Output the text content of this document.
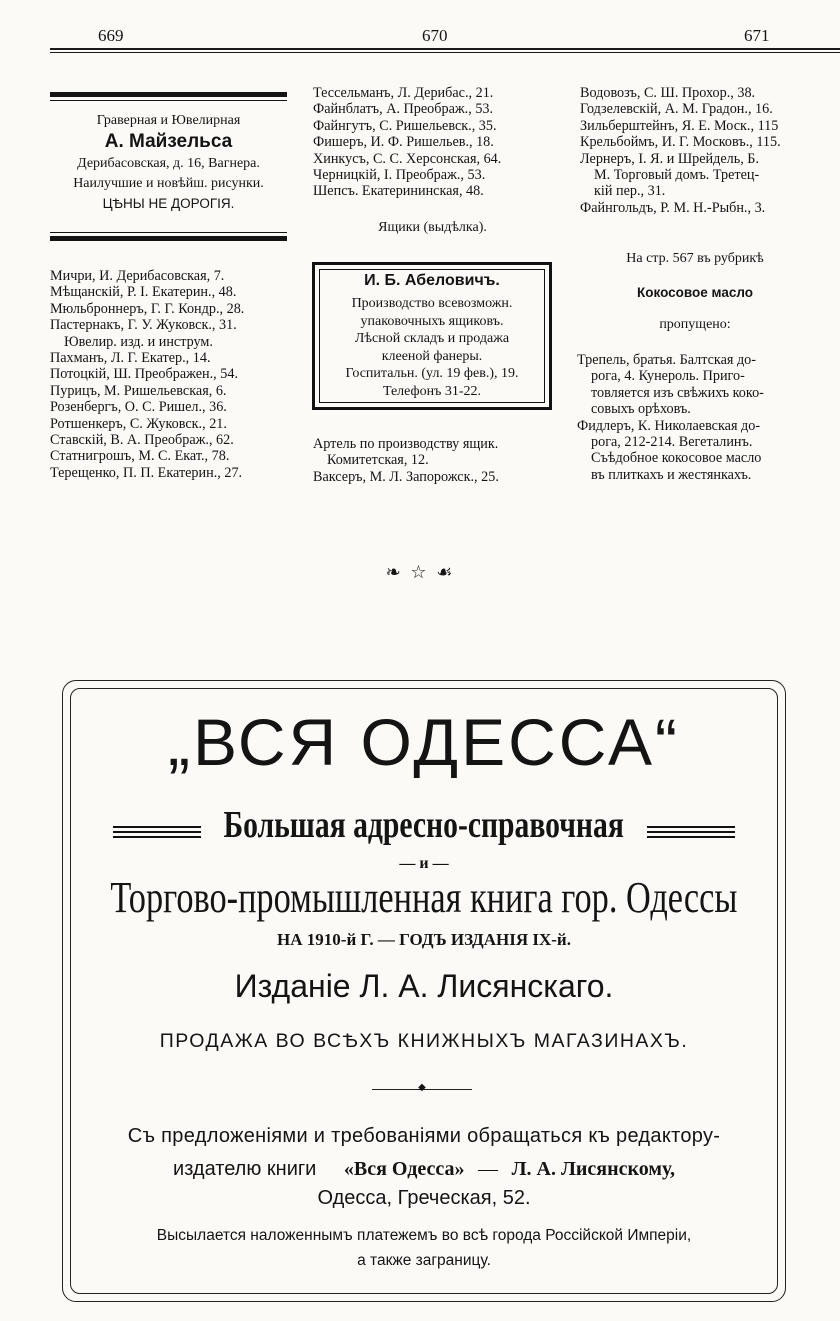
669	670	671
Граверная и Ювелирная
А. Майзельса
Дерибасовская, д. 16, Вагнера.
Наилучшие и новѣйш. рисунки.
ЦѢНЫ НЕ ДОРОГІЯ.
Мичри, И. Дерибасовская, 7.
Мѣщанскій, Р. І. Екатерин., 48.
Мюльброннеръ, Г. Г. Кондр., 28.
Пастернакъ, Г. У. Жуковск., 31.
Ювелир. изд. и инструм.
Пахманъ, Л. Г. Екатер., 14.
Потоцкій, Ш. Преображен., 54.
Пурицъ, М. Ришельевская, 6.
Розенбергъ, О. С. Ришел., 36.
Ротшенкеръ, С. Жуковск., 21.
Ставскій, В. А. Преображ., 62.
Статнигрошъ, М. С. Екат., 78.
Терещенко, П. П. Екатерин., 27.
Тессельманъ, Л. Дерибас., 21.
Файнблатъ, А. Преображ., 53.
Файнгутъ, С. Ришельевск., 35.
Фишеръ, И. Ф. Ришельев., 18.
Хинкусъ, С. С. Херсонская, 64.
Черницкій, І. Преображ., 53.
Шепсъ. Екатерининская, 48.
Ящики (выдѣлка).
И. Б. Абеловичъ.
Производство всевозможн.
упаковочныхъ ящиковъ.
Лѣсной складъ и продажа
клееной фанеры.
Госпитальн. (ул. 19 фев.), 19.
Телефонъ 31-22.
Артель по производству ящик.
Комитетская, 12.
Ваксеръ, М. Л. Запорожск., 25.
Водовозъ, С. Ш. Прохор., 38.
Годзелевскій, А. М. Градон., 16.
Зильберштейнъ, Я. Е. Моск., 115
Крельбоймъ, И. Г. Московъ., 115.
Лернеръ, І. Я. и Шрейдель, Б.
М. Торговый домъ. Третец-
кій пер., 31.
Файнгольдъ, Р. М. Н.-Рыбн., 3.
На стр. 567 въ рубрикѣ
Кокосовое масло
пропущено:
Трепель, братья. Балтская до-
рога, 4. Кунероль. Приго-
товляется изъ свѣжихъ коко-
совыхъ орѣховъ.
Фидлеръ, К. Николаевская до-
рога, 212-214. Вегеталинъ.
Съѣдобное кокосовое масло
въ плиткахъ и жестянкахъ.
❧ ☆ ☙
„ВСЯ ОДЕССА“
Большая адресно-справочная
— и —
Торгово-промышленная книга гор. Одессы
НА 1910-й Г. — ГОДЪ ИЗДАНІЯ IX-й.
Изданіе Л. А. Лисянскаго.
ПРОДАЖА ВО ВСѢХЪ КНИЖНЫХЪ МАГАЗИНАХЪ.
◆
Съ предложеніями и требованіями обращаться къ редактору-
издателю книги «Вся Одесса» — Л. А. Лисянскому,
Одесса, Греческая, 52.
Высылается наложеннымъ платежемъ во всѣ города Россійской Имперіи,
а также заграницу.
